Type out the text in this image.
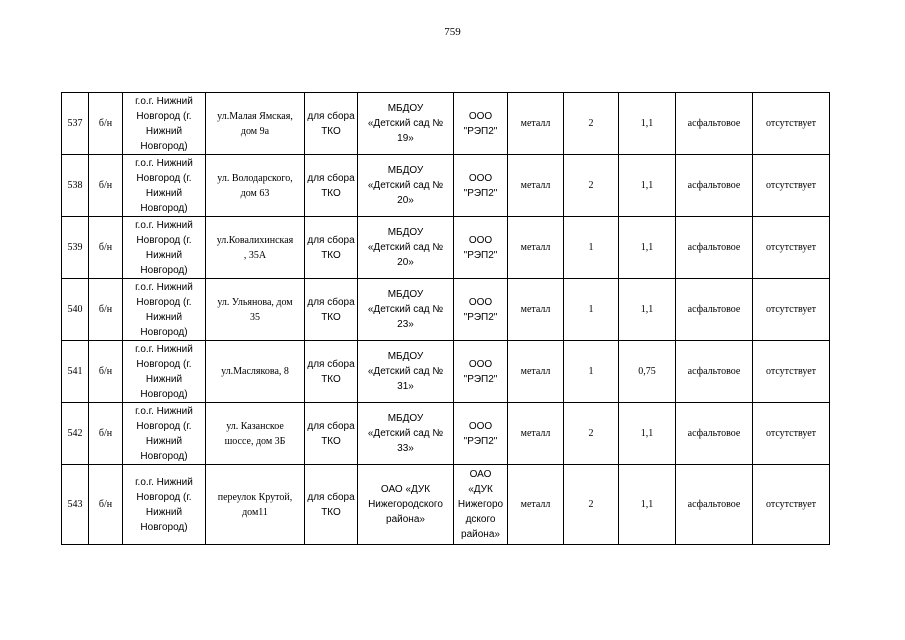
759
537	б/н	г.о.г. Нижний
Новгород (г.
Нижний
Новгород)	ул.Малая Ямская,
дом 9а	для сбора
ТКО	МБДОУ
«Детский сад №
19»	ООО
"РЭП2"	металл	2	1,1	асфальтовое	отсутствует
538	б/н	г.о.г. Нижний
Новгород (г.
Нижний
Новгород)	ул. Володарского,
дом 63	для сбора
ТКО	МБДОУ
«Детский сад №
20»	ООО
"РЭП2"	металл	2	1,1	асфальтовое	отсутствует
539	б/н	г.о.г. Нижний
Новгород (г.
Нижний
Новгород)	ул.Ковалихинская
, 35А	для сбора
ТКО	МБДОУ
«Детский сад №
20»	ООО
"РЭП2"	металл	1	1,1	асфальтовое	отсутствует
540	б/н	г.о.г. Нижний
Новгород (г.
Нижний
Новгород)	ул. Ульянова, дом
35	для сбора
ТКО	МБДОУ
«Детский сад №
23»	ООО
"РЭП2"	металл	1	1,1	асфальтовое	отсутствует
541	б/н	г.о.г. Нижний
Новгород (г.
Нижний
Новгород)	ул.Маслякова, 8	для сбора
ТКО	МБДОУ
«Детский сад №
31»	ООО
"РЭП2"	металл	1	0,75	асфальтовое	отсутствует
542	б/н	г.о.г. Нижний
Новгород (г.
Нижний
Новгород)	ул. Казанское
шоссе, дом 3Б	для сбора
ТКО	МБДОУ
«Детский сад №
33»	ООО
"РЭП2"	металл	2	1,1	асфальтовое	отсутствует
543	б/н	г.о.г. Нижний
Новгород (г.
Нижний
Новгород)	переулок Крутой,
дом11	для сбора
ТКО	ОАО «ДУК
Нижегородского
района»	ОАО
«ДУК
Нижегоро
дского
района»	металл	2	1,1	асфальтовое	отсутствует
